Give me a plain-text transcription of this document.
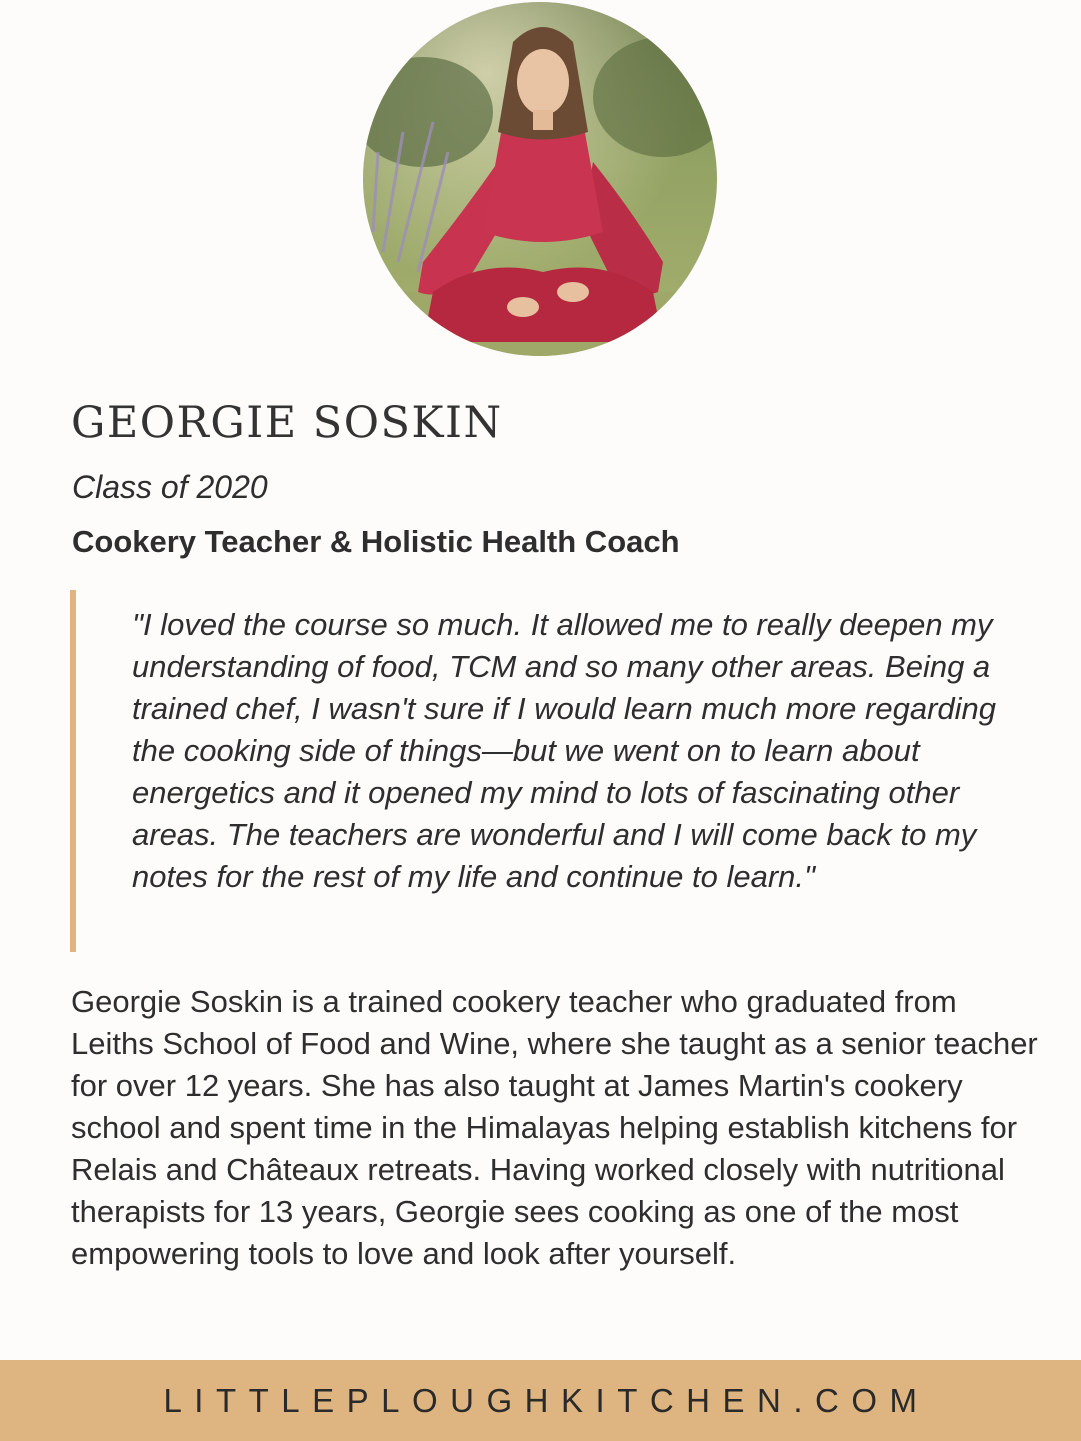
GEORGIE SOSKIN

Class of 2020

Cookery Teacher & Holistic Health Coach

"I loved the course so much. It allowed me to really deepen my understanding of food, TCM and so many other areas. Being a trained chef, I wasn't sure if I would learn much more regarding the cooking side of things—but we went on to learn about energetics and it opened my mind to lots of fascinating other areas. The teachers are wonderful and I will come back to my notes for the rest of my life and continue to learn."

Georgie Soskin is a trained cookery teacher who graduated from Leiths School of Food and Wine, where she taught as a senior teacher for over 12 years. She has also taught at James Martin's cookery school and spent time in the Himalayas helping establish kitchens for Relais and Châteaux retreats. Having worked closely with nutritional therapists for 13 years, Georgie sees cooking as one of the most empowering tools to love and look after yourself.

LITTLEPLOUGHKITCHEN.COM
